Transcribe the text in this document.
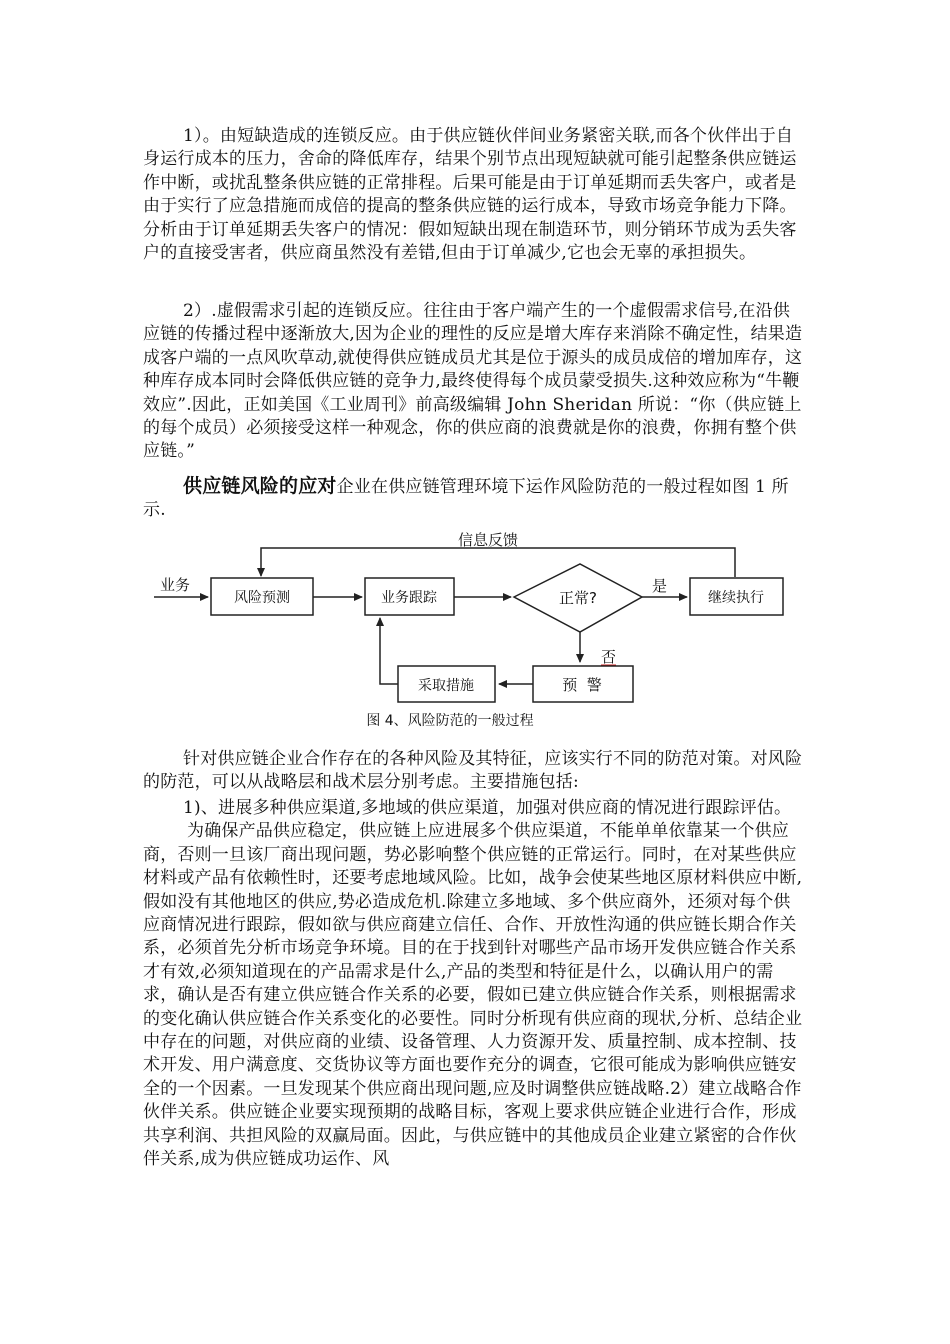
1）。由短缺造成的连锁反应。由于供应链伙伴间业务紧密关联,而各个伙伴出于自身运行成本的压力，舍命的降低库存，结果个别节点出现短缺就可能引起整条供应链运作中断，或扰乱整条供应链的正常排程。后果可能是由于订单延期而丢失客户，或者是由于实行了应急措施而成倍的提高的整条供应链的运行成本，导致市场竞争能力下降。分析由于订单延期丢失客户的情况：假如短缺出现在制造环节，则分销环节成为丢失客户的直接受害者，供应商虽然没有差错,但由于订单减少,它也会无辜的承担损失。

2）.虚假需求引起的连锁反应。往往由于客户端产生的一个虚假需求信号,在沿供应链的传播过程中逐渐放大,因为企业的理性的反应是增大库存来消除不确定性，结果造成客户端的一点风吹草动,就使得供应链成员尤其是位于源头的成员成倍的增加库存，这种库存成本同时会降低供应链的竞争力,最终使得每个成员蒙受损失.这种效应称为“牛鞭效应”.因此，正如美国《工业周刊》前高级编辑 John Sheridan 所说：“你（供应链上的每个成员）必须接受这样一种观念，你的供应商的浪费就是你的浪费，你拥有整个供应链。”

供应链风险的应对企业在供应链管理环境下运作风险防范的一般过程如图 1 所示.

信息反馈
业务
风险预测	业务跟踪	正常?
是
继续执行
否
预  警
采取措施
图 4、风险防范的一般过程

针对供应链企业合作存在的各种风险及其特征，应该实行不同的防范对策。对风险的防范，可以从战略层和战术层分别考虑。主要措施包括:

1)、进展多种供应渠道,多地域的供应渠道，加强对供应商的情况进行跟踪评估。为确保产品供应稳定，供应链上应进展多个供应渠道，不能单单依靠某一个供应商，否则一旦该厂商出现问题，势必影响整个供应链的正常运行。同时，在对某些供应材料或产品有依赖性时，还要考虑地域风险。比如，战争会使某些地区原材料供应中断,假如没有其他地区的供应,势必造成危机.除建立多地域、多个供应商外，还须对每个供应商情况进行跟踪，假如欲与供应商建立信任、合作、开放性沟通的供应链长期合作关系，必须首先分析市场竞争环境。目的在于找到针对哪些产品市场开发供应链合作关系才有效,必须知道现在的产品需求是什么,产品的类型和特征是什么，以确认用户的需求，确认是否有建立供应链合作关系的必要，假如已建立供应链合作关系，则根据需求的变化确认供应链合作关系变化的必要性。同时分析现有供应商的现状,分析、总结企业中存在的问题，对供应商的业绩、设备管理、人力资源开发、质量控制、成本控制、技术开发、用户满意度、交货协议等方面也要作充分的调查，它很可能成为影响供应链安全的一个因素。一旦发现某个供应商出现问题,应及时调整供应链战略.2）建立战略合作伙伴关系。供应链企业要实现预期的战略目标，客观上要求供应链企业进行合作，形成共享利润、共担风险的双赢局面。因此，与供应链中的其他成员企业建立紧密的合作伙伴关系,成为供应链成功运作、风
